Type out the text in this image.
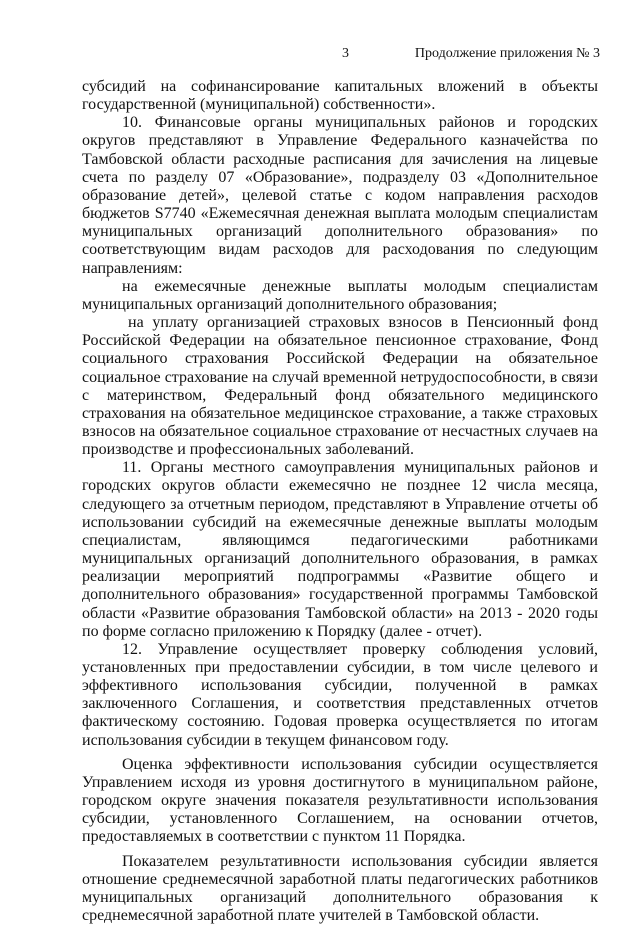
3	Продолжение приложения № 3

субсидий на софинансирование капитальных вложений в объекты государственной (муниципальной) собственности».

10. Финансовые органы муниципальных районов и городских округов представляют в Управление Федерального казначейства по Тамбовской области расходные расписания для зачисления на лицевые счета по разделу 07 «Образование», подразделу 03 «Дополнительное образование детей», целевой статье с кодом направления расходов бюджетов S7740 «Ежемесячная денежная выплата молодым специалистам муниципальных организаций дополнительного образования» по соответствующим видам расходов для расходования по следующим направлениям:

на ежемесячные денежные выплаты молодым специалистам муниципальных организаций дополнительного образования;

на уплату организацией страховых взносов в Пенсионный фонд Российской Федерации на обязательное пенсионное страхование, Фонд социального страхования Российской Федерации на обязательное социальное страхование на случай временной нетрудоспособности, в связи с материнством, Федеральный фонд обязательного медицинского страхования на обязательное медицинское страхование, а также страховых взносов на обязательное социальное страхование от несчастных случаев на производстве и профессиональных заболеваний.

11. Органы местного самоуправления муниципальных районов и городских округов области ежемесячно не позднее 12 числа месяца, следующего за отчетным периодом, представляют в Управление отчеты об использовании субсидий на ежемесячные денежные выплаты молодым специалистам, являющимся педагогическими работниками муниципальных организаций дополнительного образования, в рамках реализации мероприятий подпрограммы «Развитие общего и дополнительного образования» государственной программы Тамбовской области «Развитие образования Тамбовской области» на 2013 - 2020 годы по форме согласно приложению к Порядку (далее - отчет).

12. Управление осуществляет проверку соблюдения условий, установленных при предоставлении субсидии, в том числе целевого и эффективного использования субсидии, полученной в рамках заключенного Соглашения, и соответствия представленных отчетов фактическому состоянию. Годовая проверка осуществляется по итогам использования субсидии в текущем финансовом году.

Оценка эффективности использования субсидии осуществляется Управлением исходя из уровня достигнутого в муниципальном районе, городском округе значения показателя результативности использования субсидии, установленного Соглашением, на основании отчетов, предоставляемых в соответствии с пунктом 11 Порядка.

Показателем результативности использования субсидии является отношение среднемесячной заработной платы педагогических работников муниципальных организаций дополнительного образования к среднемесячной заработной плате учителей в Тамбовской области.
